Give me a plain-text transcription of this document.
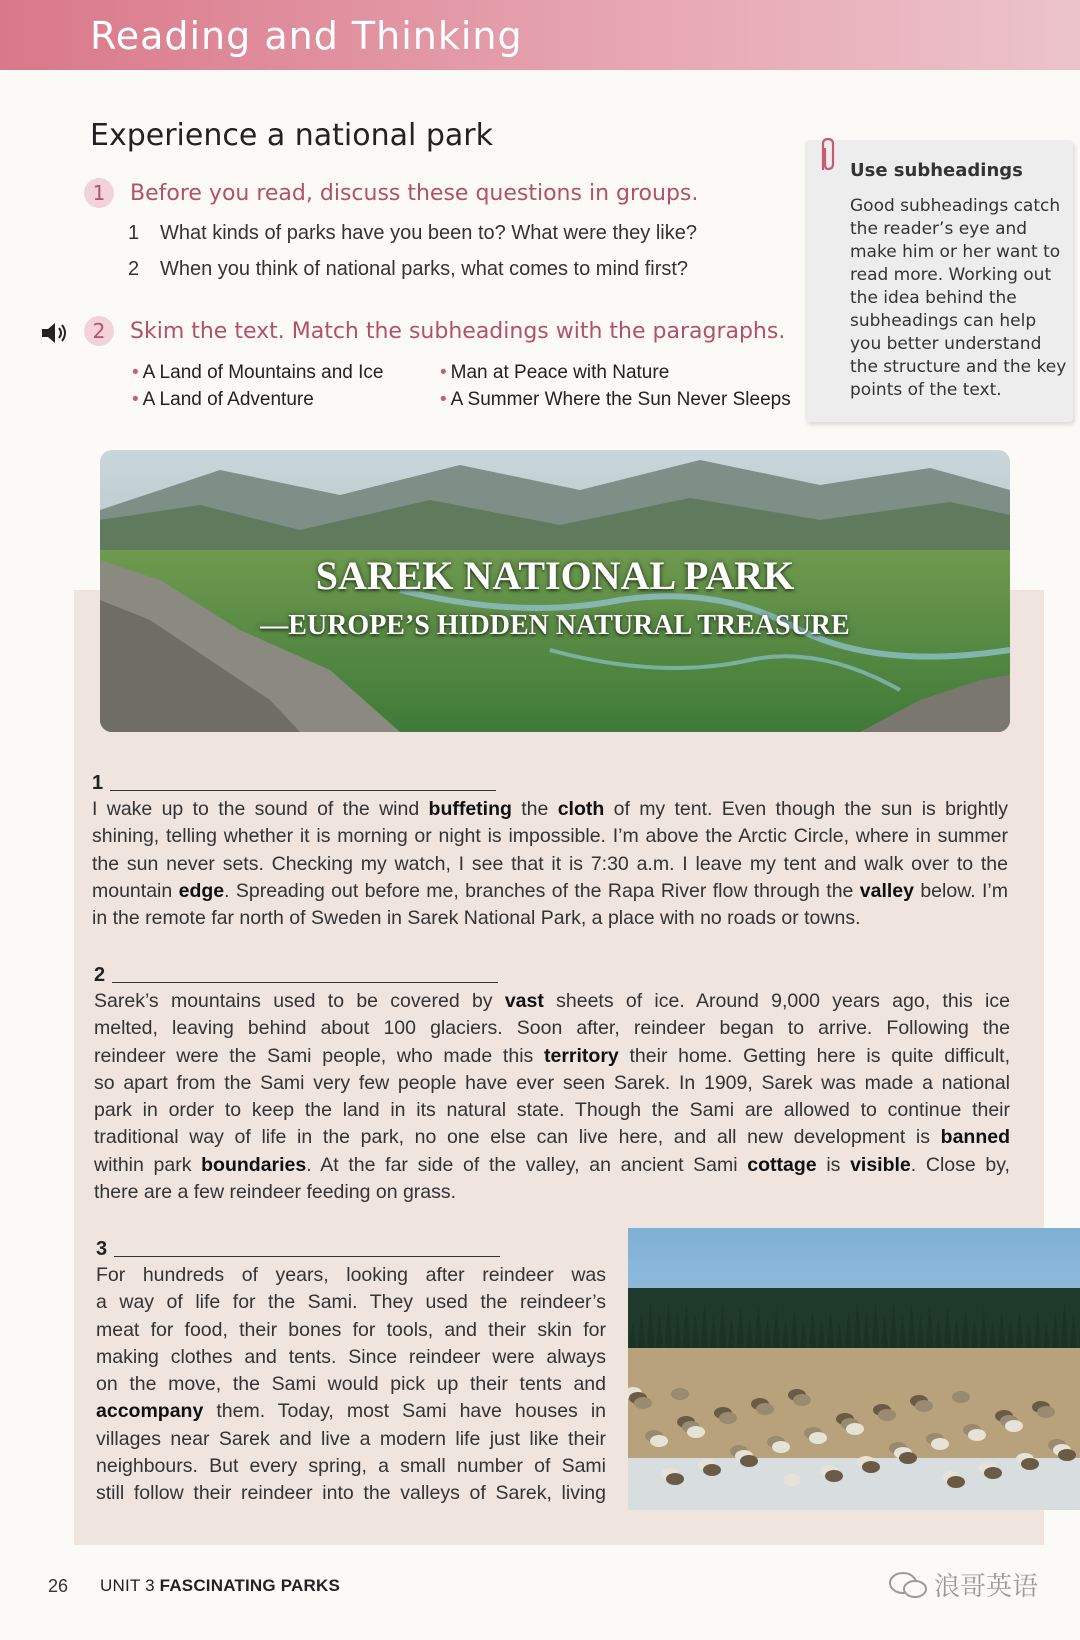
Reading and Thinking
Experience a national park
1	Before you read, discuss these questions in groups.
1 What kinds of parks have you been to? What were they like?
2 When you think of national parks, what comes to mind first?
2	Skim the text. Match the subheadings with the paragraphs.
• A Land of Mountains and Ice
• A Land of Adventure
• Man at Peace with Nature
• A Summer Where the Sun Never Sleeps
Use subheadings
Good subheadings catch the reader’s eye and make him or her want to read more. Working out the idea behind the subheadings can help you better understand the structure and the key points of the text.
SAREK NATIONAL PARK
—EUROPE’S HIDDEN NATURAL TREASURE
1
I wake up to the sound of the wind buffeting the cloth of my tent. Even though the sun is brightly
shining, telling whether it is morning or night is impossible. I’m above the Arctic Circle, where in summer
the sun never sets. Checking my watch, I see that it is 7:30 a.m. I leave my tent and walk over to the
mountain edge. Spreading out before me, branches of the Rapa River flow through the valley below. I’m
in the remote far north of Sweden in Sarek National Park, a place with no roads or towns.
2
Sarek’s mountains used to be covered by vast sheets of ice. Around 9,000 years ago, this ice
melted, leaving behind about 100 glaciers. Soon after, reindeer began to arrive. Following the
reindeer were the Sami people, who made this territory their home. Getting here is quite difficult,
so apart from the Sami very few people have ever seen Sarek. In 1909, Sarek was made a national
park in order to keep the land in its natural state. Though the Sami are allowed to continue their
traditional way of life in the park, no one else can live here, and all new development is banned
within park boundaries. At the far side of the valley, an ancient Sami cottage is visible. Close by,
there are a few reindeer feeding on grass.
3
For hundreds of years, looking after reindeer was
a way of life for the Sami. They used the reindeer’s
meat for food, their bones for tools, and their skin for
making clothes and tents. Since reindeer were always
on the move, the Sami would pick up their tents and
accompany them. Today, most Sami have houses in
villages near Sarek and live a modern life just like their
neighbours. But every spring, a small number of Sami
still follow their reindeer into the valleys of Sarek, living
26 UNIT 3 FASCINATING PARKS	浪哥英语
